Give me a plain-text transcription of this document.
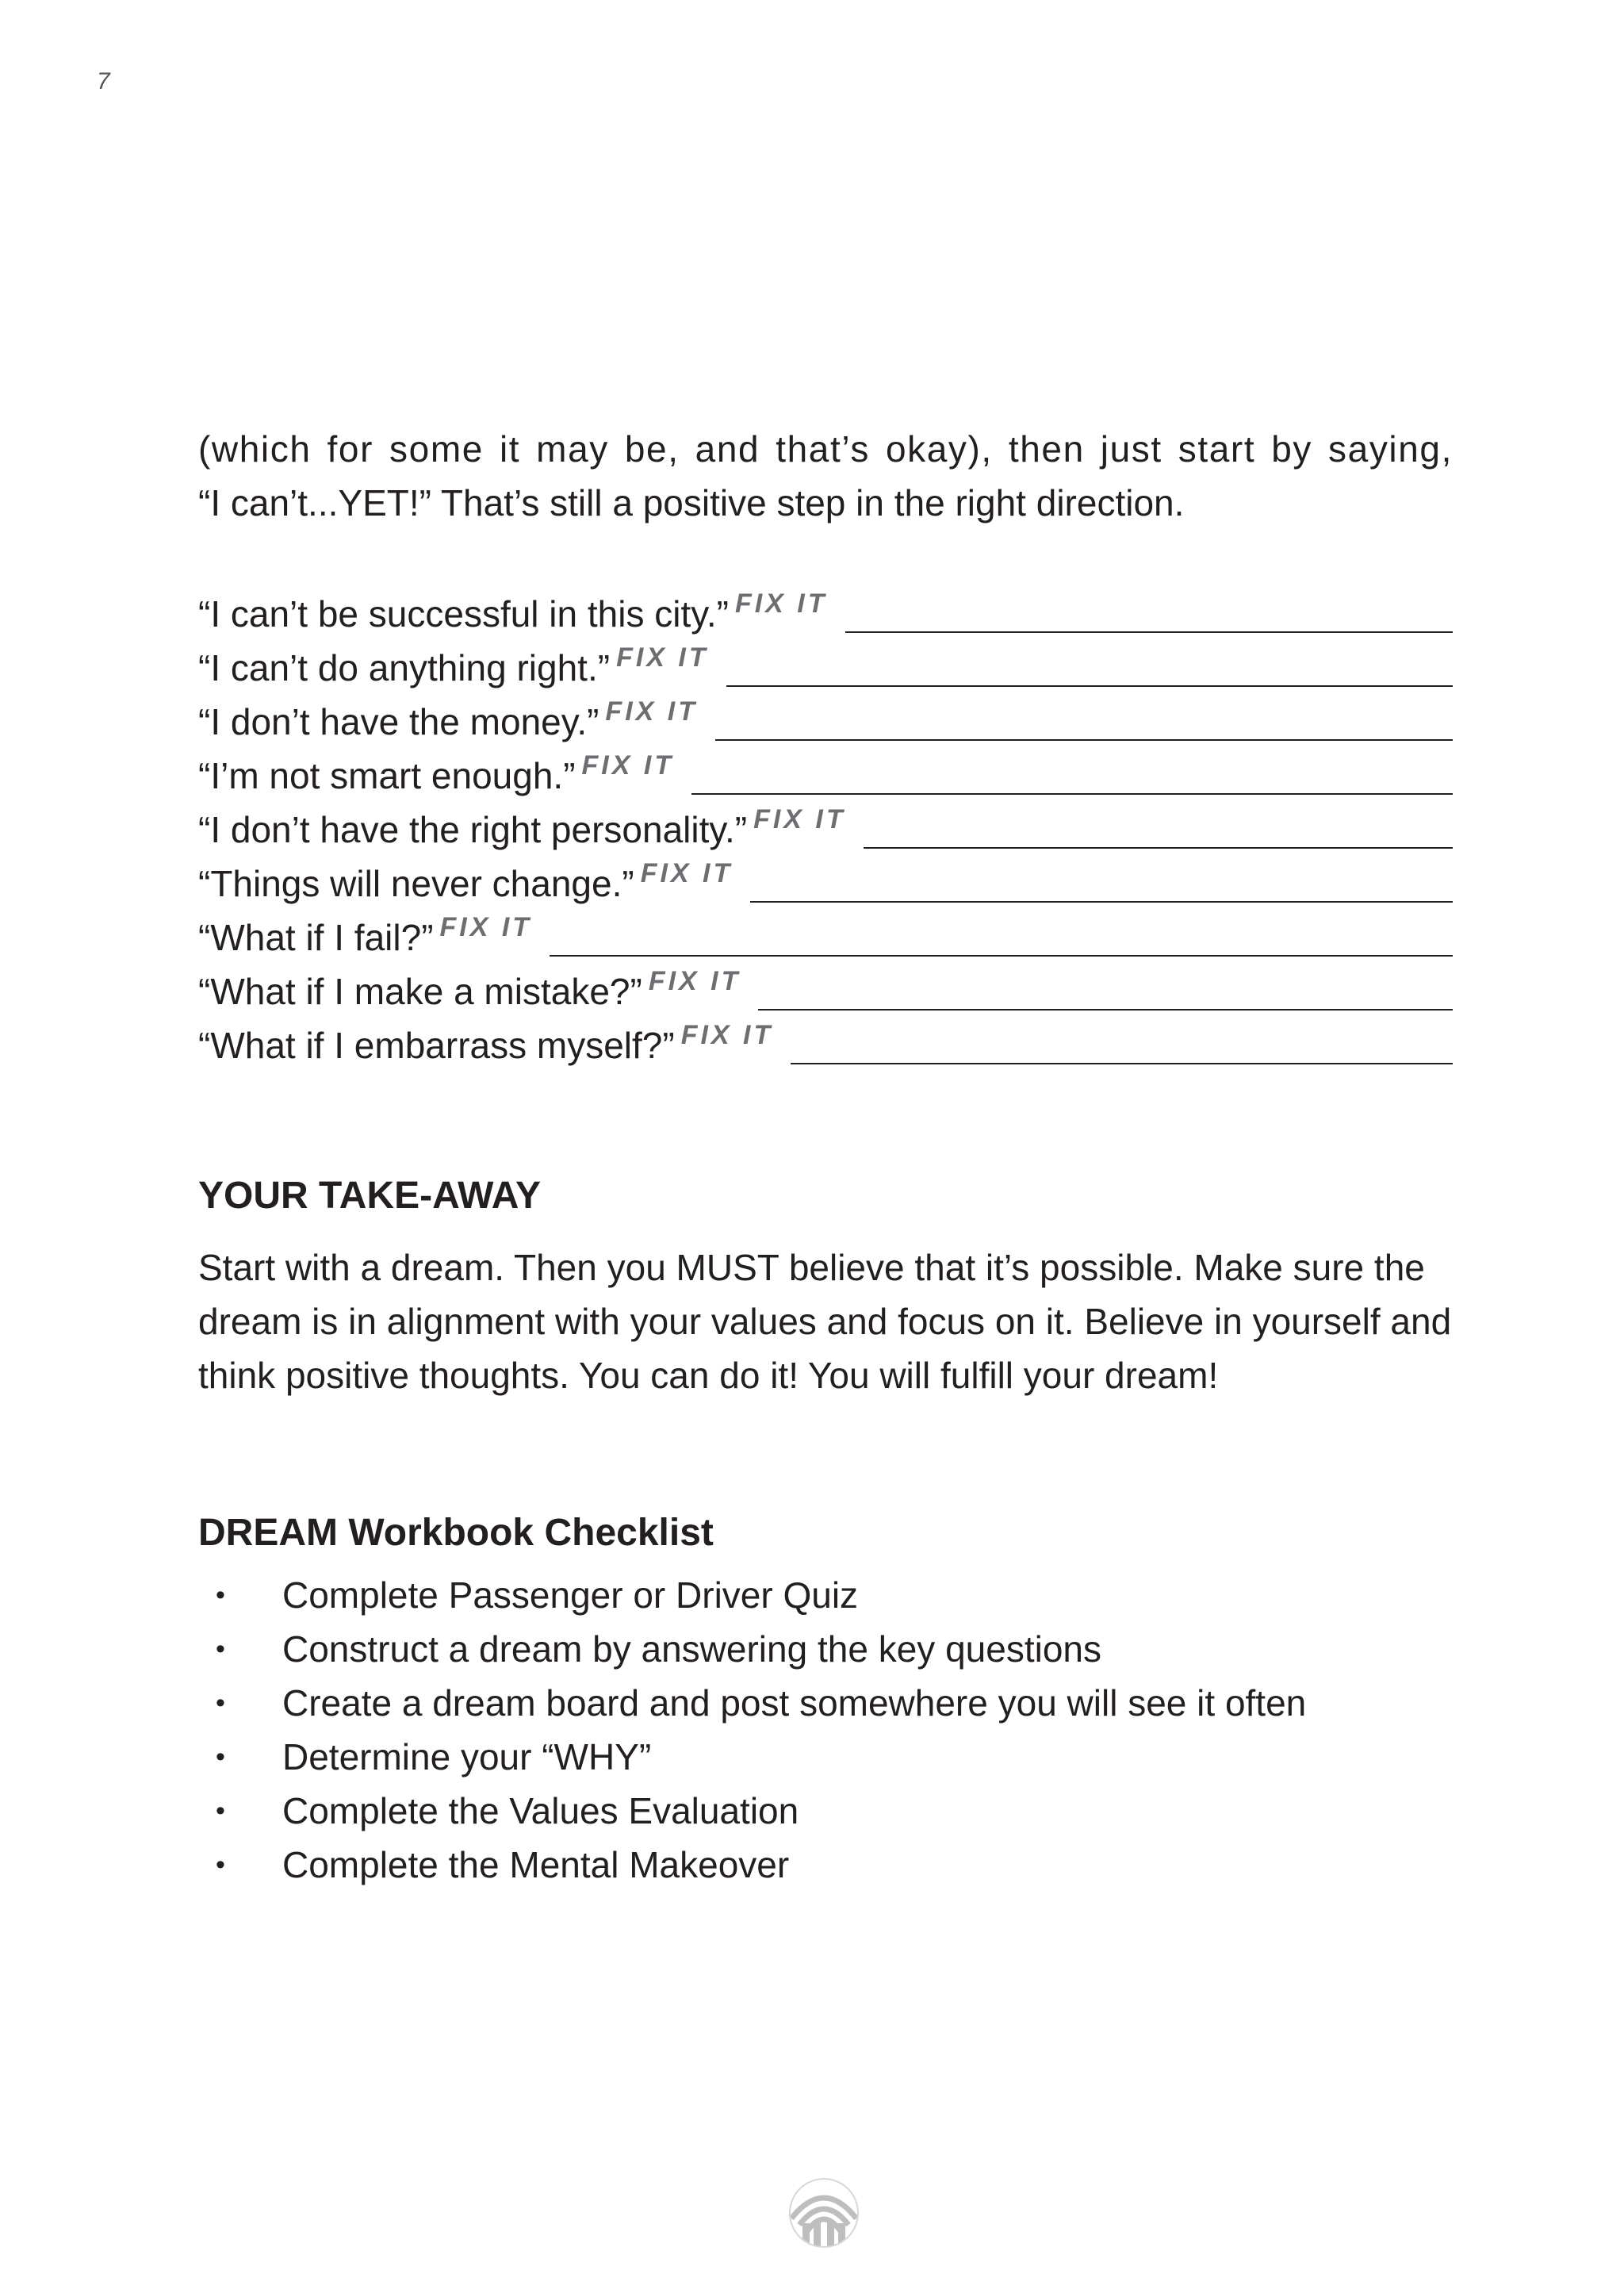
7
(which for some it may be, and that’s okay), then just start by saying,
“I can’t...YET!” That’s still a positive step in the right direction.
“I can’t be successful in this city.” FIX IT
“I can’t do anything right.” FIX IT
“I don’t have the money.” FIX IT
“I’m not smart enough.” FIX IT
“I don’t have the right personality.” FIX IT
“Things will never change.” FIX IT
“What if I fail?” FIX IT
“What if I make a mistake?” FIX IT
“What if I embarrass myself?” FIX IT
YOUR TAKE-AWAY
Start with a dream. Then you MUST believe that it’s possible. Make sure the dream is in alignment with your values and focus on it. Believe in yourself and think positive thoughts. You can do it! You will fulfill your dream!
DREAM Workbook Checklist
•	Complete Passenger or Driver Quiz
•	Construct a dream by answering the key questions
•	Create a dream board and post somewhere you will see it often
•	Determine your “WHY”
•	Complete the Values Evaluation
•	Complete the Mental Makeover
